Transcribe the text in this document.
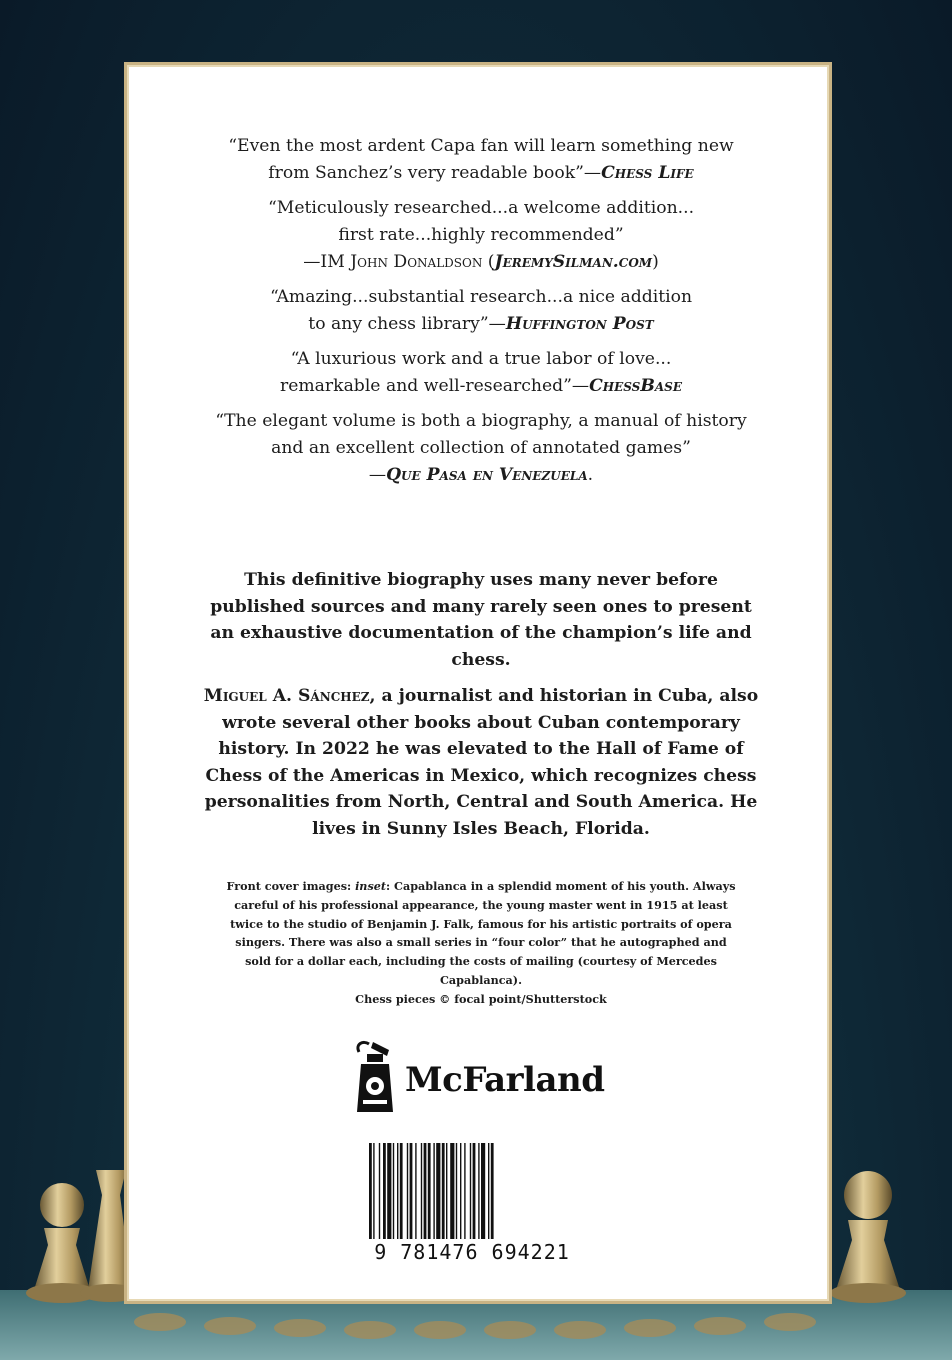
“Even the most ardent Capa fan will learn something new
from Sanchez’s very readable book”—Chess Life

“Meticulously researched...a welcome addition...
first rate...highly recommended”
—IM John Donaldson (JeremySilman.com)

“Amazing...substantial research...a nice addition
to any chess library”—Huffington Post

“A luxurious work and a true labor of love...
remarkable and well-researched”—ChessBase

“The elegant volume is both a biography, a manual of history
and an excellent collection of annotated games”
—Que Pasa en Venezuela.

This definitive biography uses many never before published sources and many rarely seen ones to present an exhaustive documentation of the champion’s life and chess.

Miguel A. Sánchez, a journalist and historian in Cuba, also wrote several other books about Cuban contemporary history. In 2022 he was elevated to the Hall of Fame of Chess of the Americas in Mexico, which recognizes chess personalities from North, Central and South America. He lives in Sunny Isles Beach, Florida.

Front cover images: inset: Capablanca in a splendid moment of his youth. Always careful of his professional appearance, the young master went in 1915 at least twice to the studio of Benjamin J. Falk, famous for his artistic portraits of opera singers. There was also a small series in “four color” that he autographed and sold for a dollar each, including the costs of mailing (courtesy of Mercedes Capablanca).
Chess pieces © focal point/Shutterstock
McFarland
9 781476 694221
